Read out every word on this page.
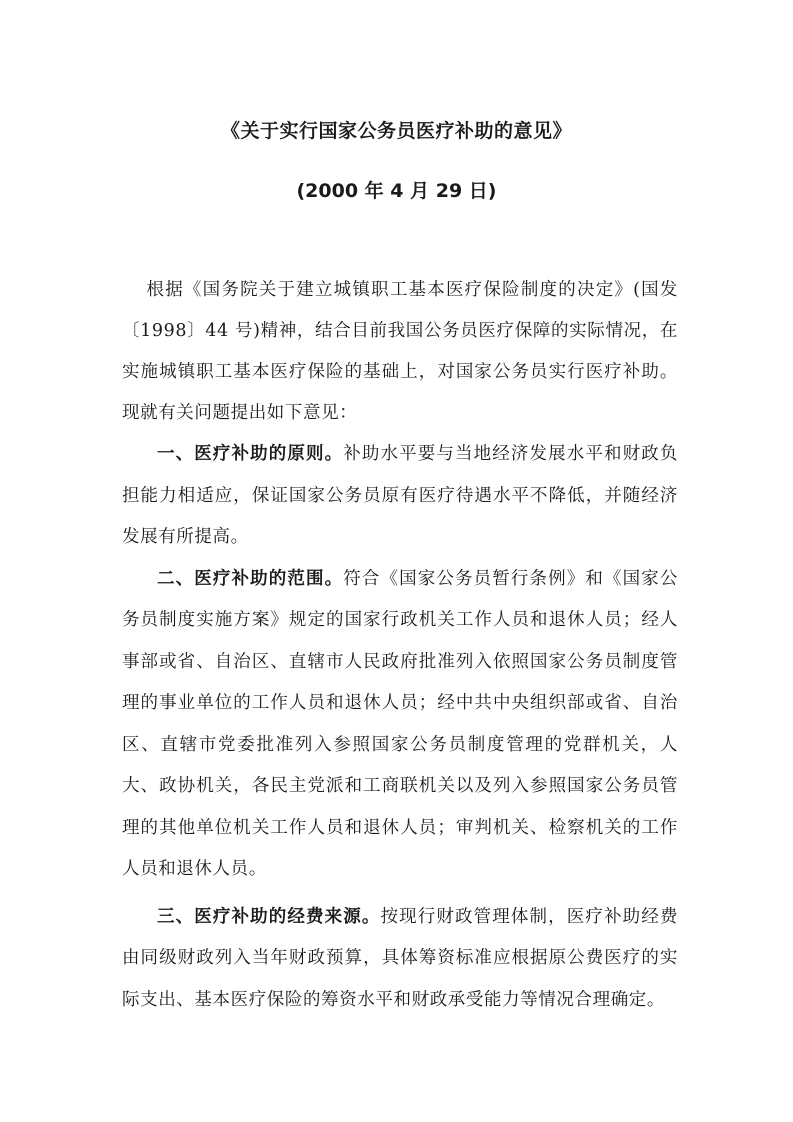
《关于实行国家公务员医疗补助的意见》

(2000 年 4 月 29 日)

根据《国务院关于建立城镇职工基本医疗保险制度的决定》(国发〔1998〕44 号)精神，结合目前我国公务员医疗保障的实际情况，在实施城镇职工基本医疗保险的基础上，对国家公务员实行医疗补助。现就有关问题提出如下意见：

一、医疗补助的原则。补助水平要与当地经济发展水平和财政负担能力相适应，保证国家公务员原有医疗待遇水平不降低，并随经济发展有所提高。

二、医疗补助的范围。符合《国家公务员暂行条例》和《国家公务员制度实施方案》规定的国家行政机关工作人员和退休人员；经人事部或省、自治区、直辖市人民政府批准列入依照国家公务员制度管理的事业单位的工作人员和退休人员；经中共中央组织部或省、自治区、直辖市党委批准列入参照国家公务员制度管理的党群机关，人大、政协机关，各民主党派和工商联机关以及列入参照国家公务员管理的其他单位机关工作人员和退休人员；审判机关、检察机关的工作人员和退休人员。

三、医疗补助的经费来源。按现行财政管理体制，医疗补助经费由同级财政列入当年财政预算，具体筹资标准应根据原公费医疗的实际支出、基本医疗保险的筹资水平和财政承受能力等情况合理确定。
